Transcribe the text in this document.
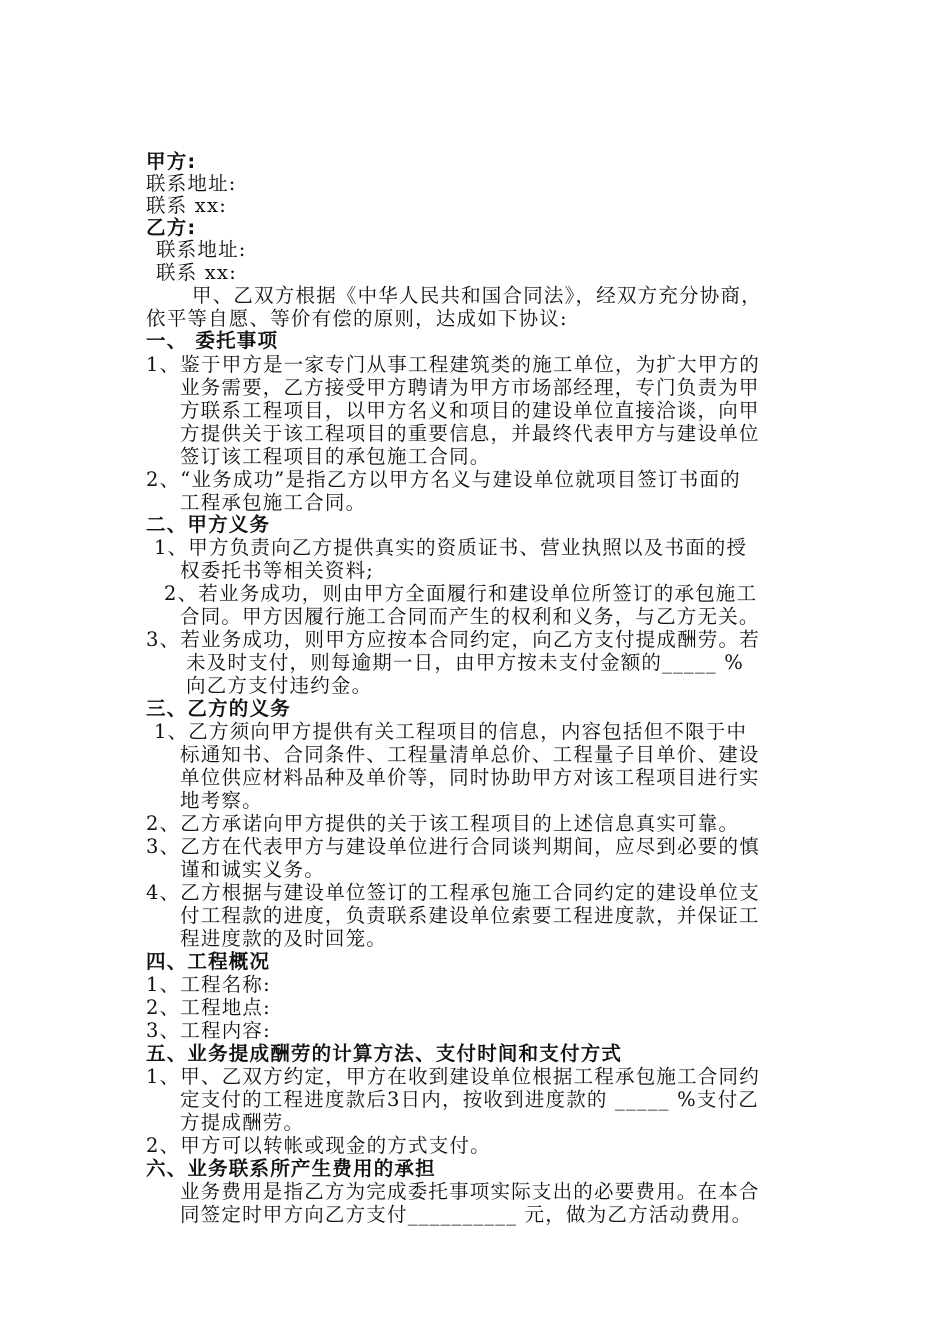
甲方:
联系地址:
联系 xx:
乙方:
联系地址:
联系 xx:
甲、乙双方根据《中华人民共和国合同法》，经双方充分协商，
依平等自愿、等价有偿的原则，达成如下协议:
一、 委托事项
1、鉴于甲方是一家专门从事工程建筑类的施工单位，为扩大甲方的
业务需要，乙方接受甲方聘请为甲方市场部经理，专门负责为甲
方联系工程项目，以甲方名义和项目的建设单位直接洽谈，向甲
方提供关于该工程项目的重要信息，并最终代表甲方与建设单位
签订该工程项目的承包施工合同。
2、“业务成功”是指乙方以甲方名义与建设单位就项目签订书面的
工程承包施工合同。
二、甲方义务
1、甲方负责向乙方提供真实的资质证书、营业执照以及书面的授
权委托书等相关资料;
2、若业务成功，则由甲方全面履行和建设单位所签订的承包施工
合同。甲方因履行施工合同而产生的权利和义务，与乙方无关。
3、若业务成功，则甲方应按本合同约定，向乙方支付提成酬劳。若
未及时支付，则每逾期一日，由甲方按未支付金额的_____ %
向乙方支付违约金。
三、乙方的义务
1、乙方须向甲方提供有关工程项目的信息，内容包括但不限于中
标通知书、合同条件、工程量清单总价、工程量子目单价、建设
单位供应材料品种及单价等，同时协助甲方对该工程项目进行实
地考察。
2、乙方承诺向甲方提供的关于该工程项目的上述信息真实可靠。
3、乙方在代表甲方与建设单位进行合同谈判期间，应尽到必要的慎
谨和诚实义务。
4、乙方根据与建设单位签订的工程承包施工合同约定的建设单位支
付工程款的进度，负责联系建设单位索要工程进度款，并保证工
程进度款的及时回笼。
四、工程概况
1、工程名称:
2、工程地点:
3、工程内容:
五、业务提成酬劳的计算方法、支付时间和支付方式
1、甲、乙双方约定，甲方在收到建设单位根据工程承包施工合同约
定支付的工程进度款后3日内，按收到进度款的 _____ %支付乙
方提成酬劳。
2、甲方可以转帐或现金的方式支付。
六、业务联系所产生费用的承担
业务费用是指乙方为完成委托事项实际支出的必要费用。在本合
同签定时甲方向乙方支付__________ 元，做为乙方活动费用。
